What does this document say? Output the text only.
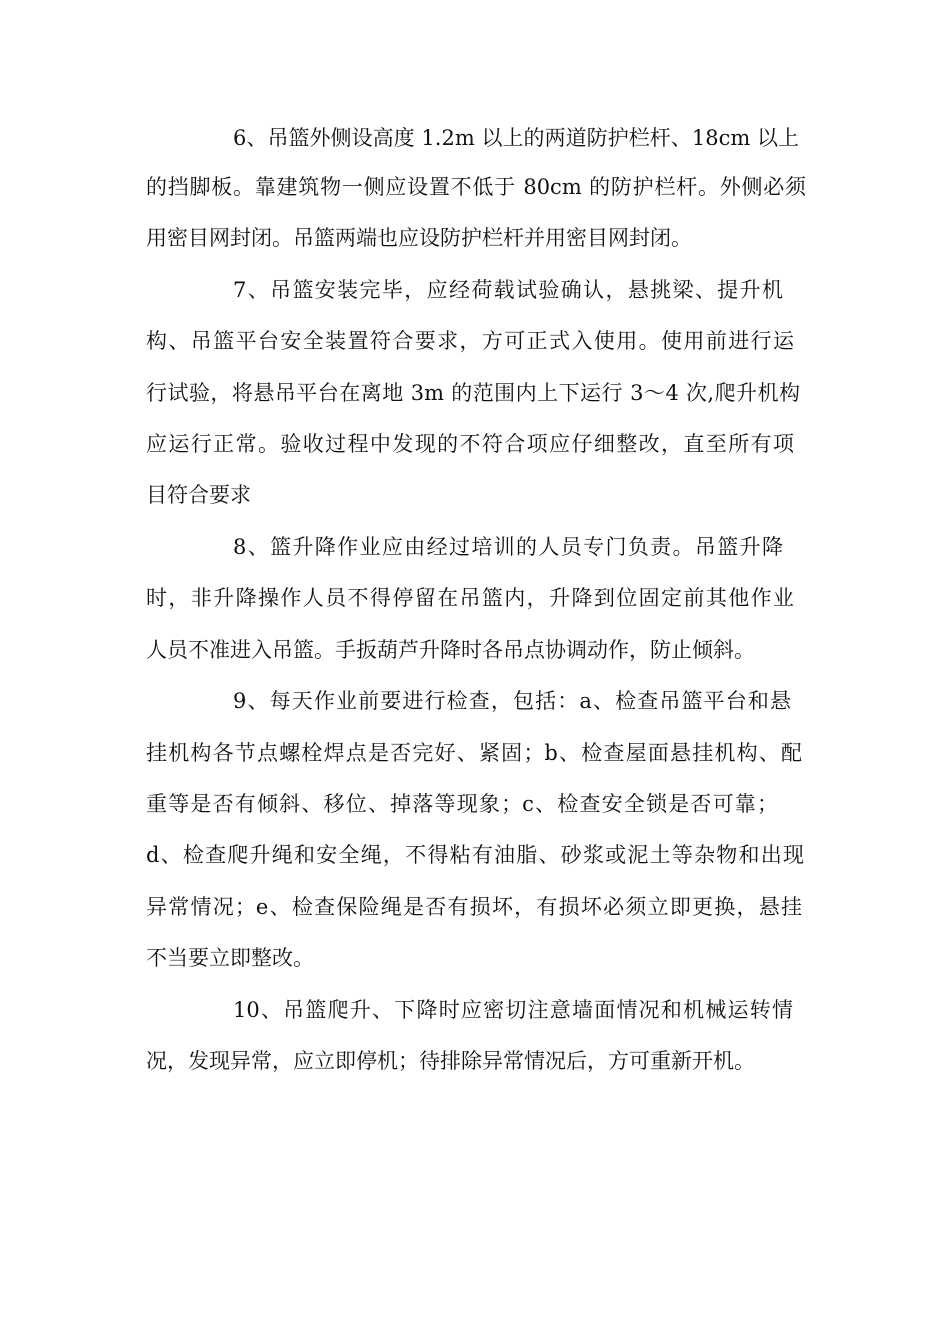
6、吊篮外侧设高度 1.2m 以上的两道防护栏杆、18cm 以上
的挡脚板。靠建筑物一侧应设置不低于 80cm 的防护栏杆。外侧必须
用密目网封闭。吊篮两端也应设防护栏杆并用密目网封闭。
7、吊篮安装完毕，应经荷载试验确认，悬挑梁、提升机
构、吊篮平台安全装置符合要求，方可正式入使用。使用前进行运
行试验，将悬吊平台在离地 3m 的范围内上下运行 3～4 次,爬升机构
应运行正常。验收过程中发现的不符合项应仔细整改，直至所有项
目符合要求
8、篮升降作业应由经过培训的人员专门负责。吊篮升降
时，非升降操作人员不得停留在吊篮内，升降到位固定前其他作业
人员不准进入吊篮。手扳葫芦升降时各吊点协调动作，防止倾斜。
9、每天作业前要进行检查，包括：a、检查吊篮平台和悬
挂机构各节点螺栓焊点是否完好、紧固；b、检查屋面悬挂机构、配
重等是否有倾斜、移位、掉落等现象；c、检查安全锁是否可靠；
d、检查爬升绳和安全绳，不得粘有油脂、砂浆或泥土等杂物和出现
异常情况；e、检查保险绳是否有损坏，有损坏必须立即更换，悬挂
不当要立即整改。
10、吊篮爬升、下降时应密切注意墙面情况和机械运转情
况，发现异常，应立即停机；待排除异常情况后，方可重新开机。
